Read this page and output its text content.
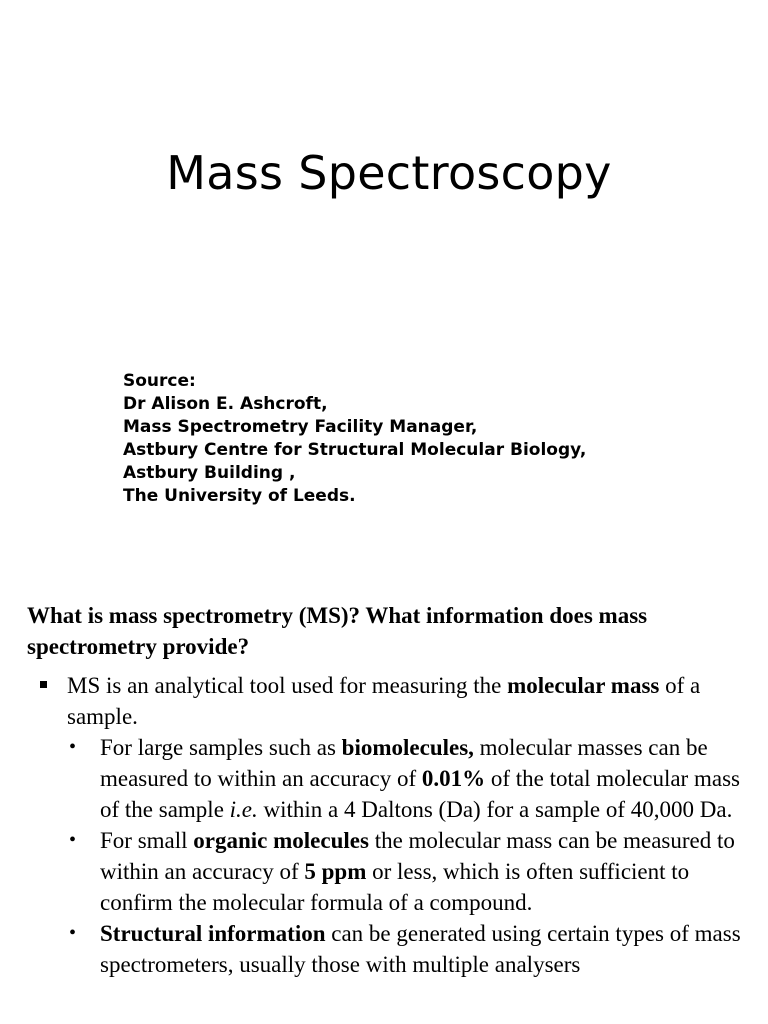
Mass Spectroscopy
Source:
Dr Alison E. Ashcroft,
Mass Spectrometry Facility Manager,
Astbury Centre for Structural Molecular Biology,
Astbury Building ,
The University of Leeds.
What is mass spectrometry (MS)? What information does mass
spectrometry provide?
MS is an analytical tool used for measuring the molecular mass of a sample.
• For large samples such as biomolecules, molecular masses can be measured to within an accuracy of 0.01% of the total molecular mass of the sample i.e. within a 4 Daltons (Da) for a sample of 40,000 Da.
• For small organic molecules the molecular mass can be measured to within an accuracy of 5 ppm or less, which is often sufficient to confirm the molecular formula of a compound.
• Structural information can be generated using certain types of mass spectrometers, usually those with multiple analysers
